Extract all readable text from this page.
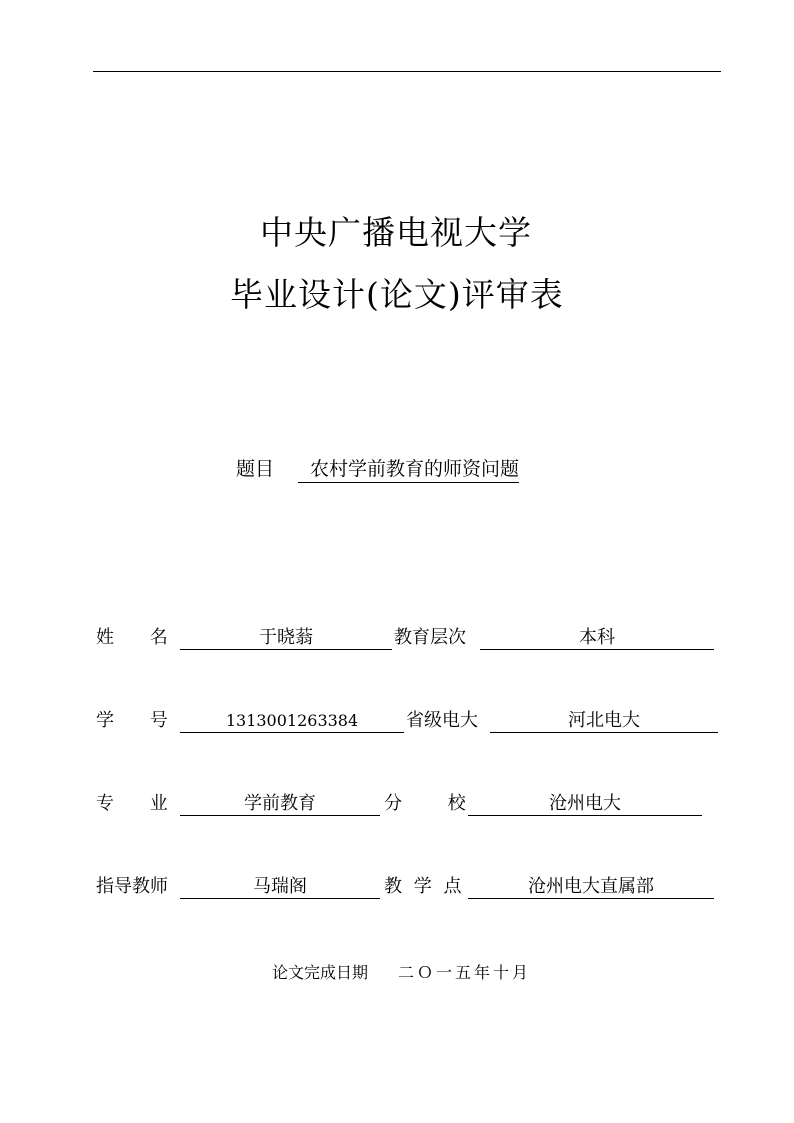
中央广播电视大学
毕业设计(论文)评审表
题目 农村学前教育的师资问题
姓 名	于晓蓊	教育层次	本科
学 号	1313001263384	省级电大	河北电大
专 业	学前教育	分 校	沧州电大
指导教师	马瑞阁	教 学 点	沧州电大直属部
论文完成日期 二Ｏ一五年十月
